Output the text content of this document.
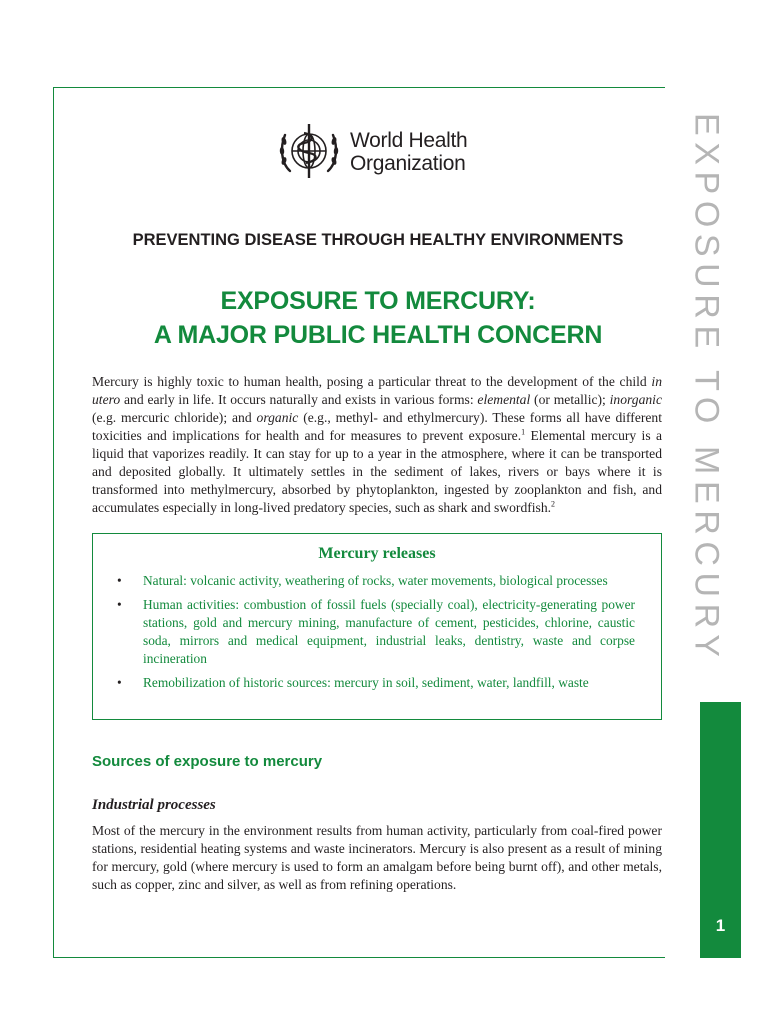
World Health
Organization
PREVENTING DISEASE THROUGH HEALTHY ENVIRONMENTS
EXPOSURE TO MERCURY:
A MAJOR PUBLIC HEALTH CONCERN

Mercury is highly toxic to human health, posing a particular threat to the development of the child in utero and early in life. It occurs naturally and exists in various forms: elemental (or metallic); inorganic (e.g. mercuric chloride); and organic (e.g., methyl- and ethylmercury). These forms all have different toxicities and implications for health and for measures to prevent exposure.$^1$ Elemental mercury is a liquid that vaporizes readily. It can stay for up to a year in the atmosphere, where it can be transported and deposited globally. It ultimately settles in the sediment of lakes, rivers or bays where it is transformed into methylmercury, absorbed by phytoplankton, ingested by zooplankton and fish, and accumulates especially in long-lived predatory species, such as shark and swordfish.$^2$

Mercury releases
• Natural: volcanic activity, weathering of rocks, water movements, biological processes
• Human activities: combustion of fossil fuels (specially coal), electricity-generating power stations, gold and mercury mining, manufacture of cement, pesticides, chlorine, caustic soda, mirrors and medical equipment, industrial leaks, dentistry, waste and corpse incineration
• Remobilization of historic sources: mercury in soil, sediment, water, landfill, waste
Sources of exposure to mercury
Industrial processes

Most of the mercury in the environment results from human activity, particularly from coal-fired power stations, residential heating systems and waste incinerators. Mercury is also present as a result of mining for mercury, gold (where mercury is used to form an amalgam before being burnt off), and other metals, such as copper, zinc and silver, as well as from refining operations.

EXPOSURE TO MERCURY
1
